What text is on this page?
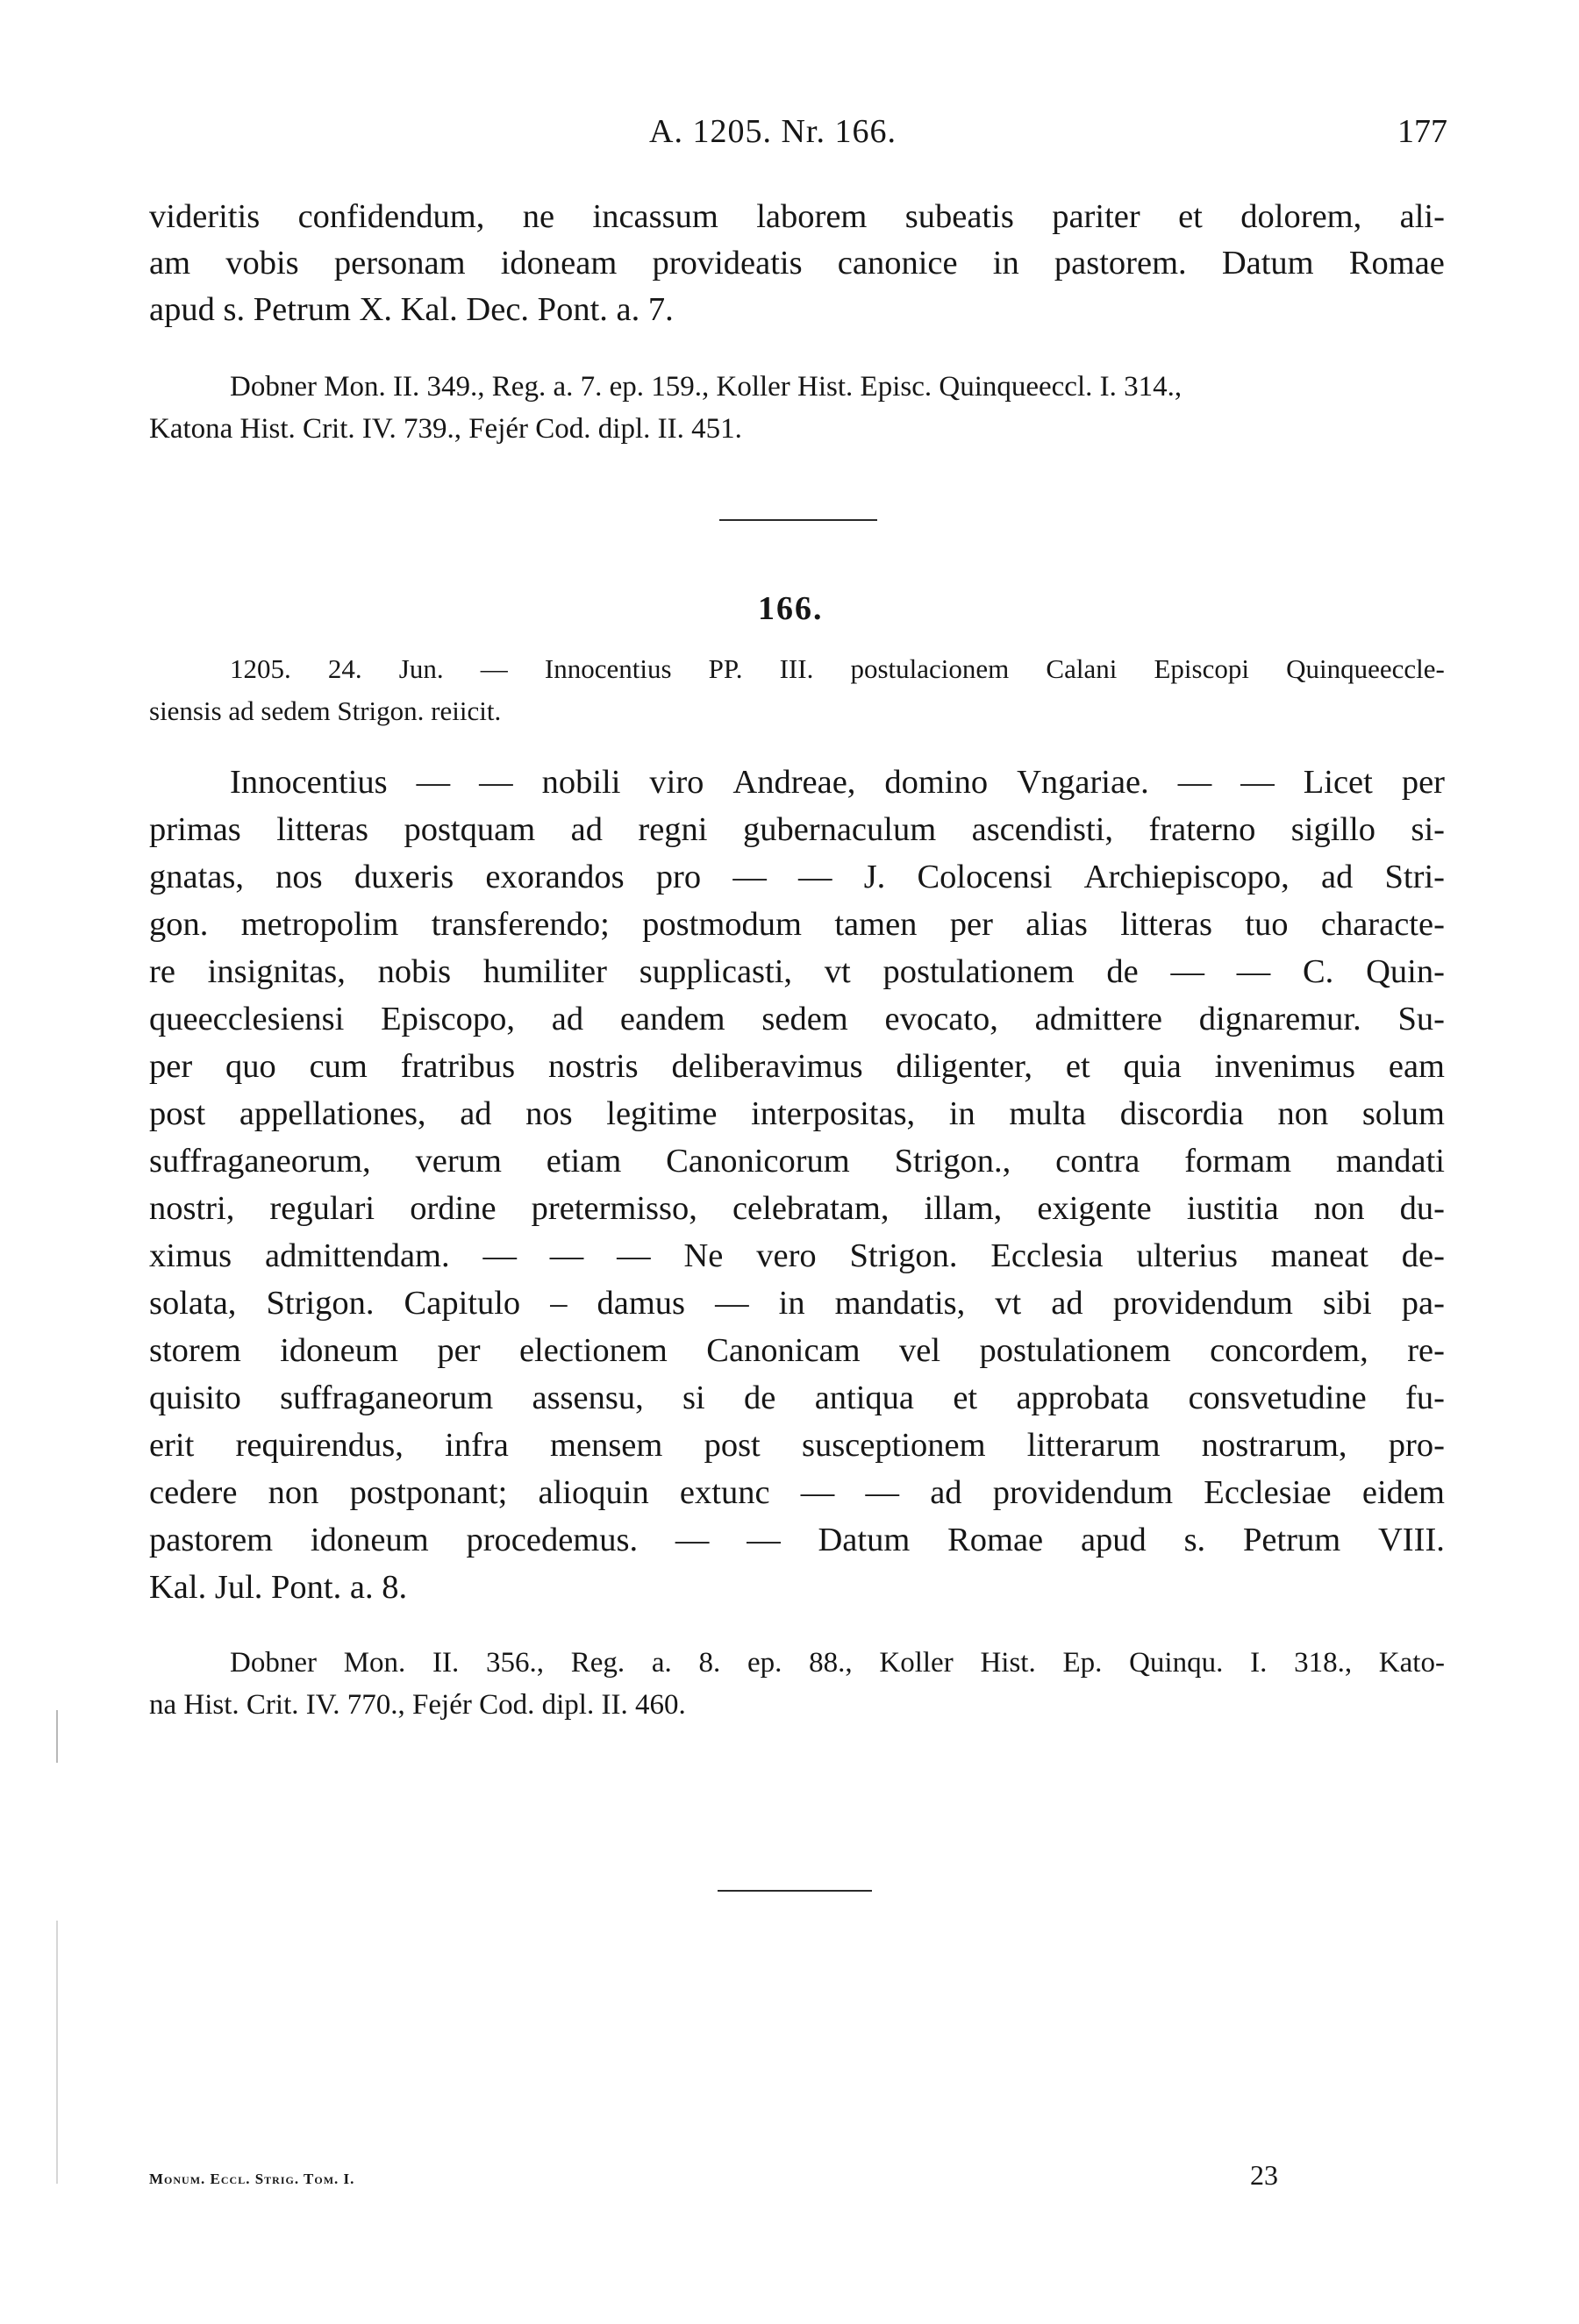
A. 1205. Nr. 166.	177
videritis confidendum, ne incassum laborem subeatis pariter et dolorem, ali-
am vobis personam idoneam provideatis canonice in pastorem. Datum Romae
apud s. Petrum X. Kal. Dec. Pont. a. 7.
Dobner Mon. II. 349., Reg. a. 7. ep. 159., Koller Hist. Episc. Quinqueeccl. I. 314.,
Katona Hist. Crit. IV. 739., Fejér Cod. dipl. II. 451.
166.
1205. 24. Jun. — Innocentius PP. III. postulacionem Calani Episcopi Quinqueeccle-
siensis ad sedem Strigon. reiicit.
Innocentius — — nobili viro Andreae, domino Vngariae. — — Licet per
primas litteras postquam ad regni gubernaculum ascendisti, fraterno sigillo si-
gnatas, nos duxeris exorandos pro — — J. Colocensi Archiepiscopo, ad Stri-
gon. metropolim transferendo; postmodum tamen per alias litteras tuo characte-
re insignitas, nobis humiliter supplicasti, vt postulationem de — — C. Quin-
queecclesiensi Episcopo, ad eandem sedem evocato, admittere dignaremur. Su-
per quo cum fratribus nostris deliberavimus diligenter, et quia invenimus eam
post appellationes, ad nos legitime interpositas, in multa discordia non solum
suffraganeorum, verum etiam Canonicorum Strigon., contra formam mandati
nostri, regulari ordine pretermisso, celebratam, illam, exigente iustitia non du-
ximus admittendam. — — — Ne vero Strigon. Ecclesia ulterius maneat de-
solata, Strigon. Capitulo – damus — in mandatis, vt ad providendum sibi pa-
storem idoneum per electionem Canonicam vel postulationem concordem, re-
quisito suffraganeorum assensu, si de antiqua et approbata consvetudine fu-
erit requirendus, infra mensem post susceptionem litterarum nostrarum, pro-
cedere non postponant; alioquin extunc — — ad providendum Ecclesiae eidem
pastorem idoneum procedemus. — — Datum Romae apud s. Petrum VIII.
Kal. Jul. Pont. a. 8.
Dobner Mon. II. 356., Reg. a. 8. ep. 88., Koller Hist. Ep. Quinqu. I. 318., Kato-
na Hist. Crit. IV. 770., Fejér Cod. dipl. II. 460.
Monum. Eccl. Strig. Tom. I.	23
